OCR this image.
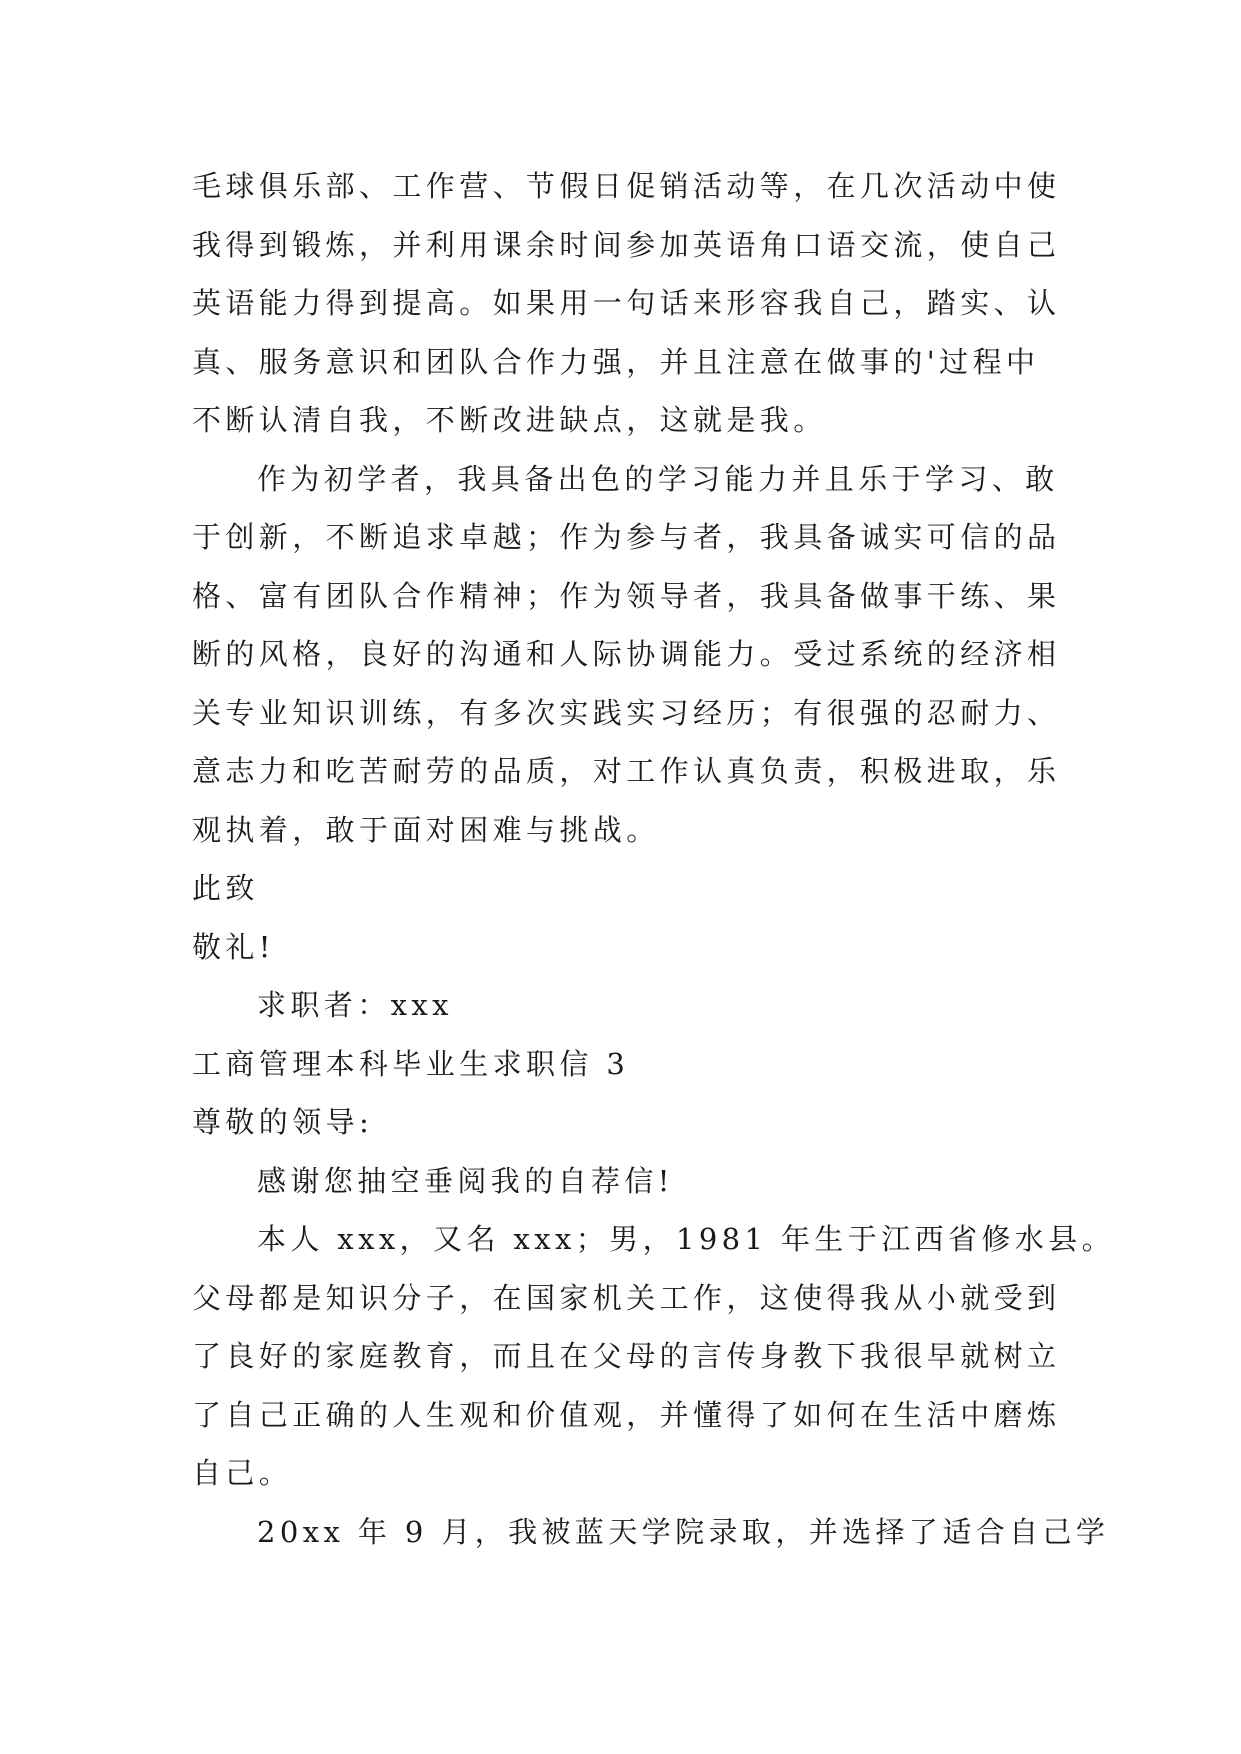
毛球俱乐部、工作营、节假日促销活动等，在几次活动中使

我得到锻炼，并利用课余时间参加英语角口语交流，使自己

英语能力得到提高。如果用一句话来形容我自己，踏实、认

真、服务意识和团队合作力强，并且注意在做事的'过程中

不断认清自我，不断改进缺点，这就是我。

作为初学者，我具备出色的学习能力并且乐于学习、敢

于创新，不断追求卓越；作为参与者，我具备诚实可信的品

格、富有团队合作精神；作为领导者，我具备做事干练、果

断的风格，良好的沟通和人际协调能力。受过系统的经济相

关专业知识训练，有多次实践实习经历；有很强的忍耐力、

意志力和吃苦耐劳的品质，对工作认真负责，积极进取，乐

观执着，敢于面对困难与挑战。

此致

敬礼!

求职者：xxx

工商管理本科毕业生求职信 3

尊敬的领导:

感谢您抽空垂阅我的自荐信!

本人 xxx，又名 xxx；男，1981 年生于江西省修水县。

父母都是知识分子，在国家机关工作，这使得我从小就受到

了良好的家庭教育，而且在父母的言传身教下我很早就树立

了自己正确的人生观和价值观，并懂得了如何在生活中磨炼

自己。

20xx 年 9 月，我被蓝天学院录取，并选择了适合自己学
